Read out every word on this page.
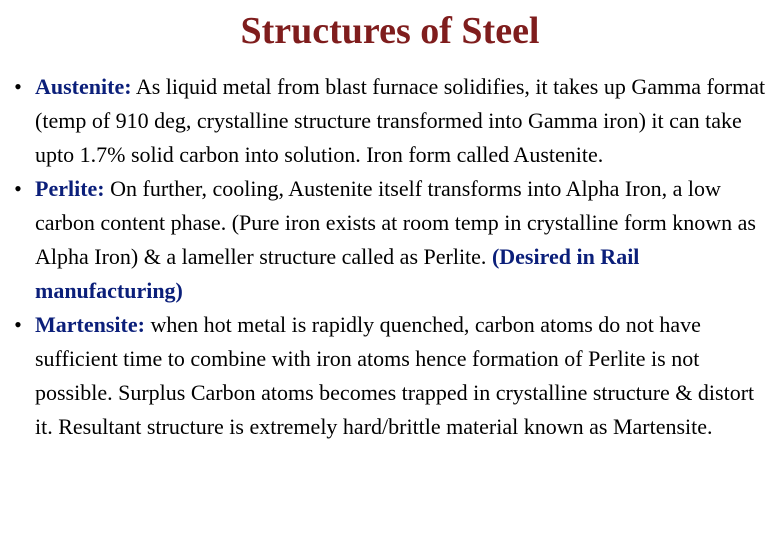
Structures of Steel
• Austenite: As liquid metal from blast furnace solidifies, it takes up Gamma format (temp of 910 deg, crystalline structure transformed into Gamma iron) it can take upto 1.7% solid carbon into solution. Iron form called Austenite.
• Perlite: On further, cooling, Austenite itself transforms into Alpha Iron, a low carbon content phase. (Pure iron exists at room temp in crystalline form known as Alpha Iron) & a lameller structure called as Perlite. (Desired in Rail manufacturing)
• Martensite: when hot metal is rapidly quenched, carbon atoms do not have sufficient time to combine with iron atoms hence formation of Perlite is not possible. Surplus Carbon atoms becomes trapped in crystalline structure & distort it. Resultant structure is extremely hard/brittle material known as Martensite.
